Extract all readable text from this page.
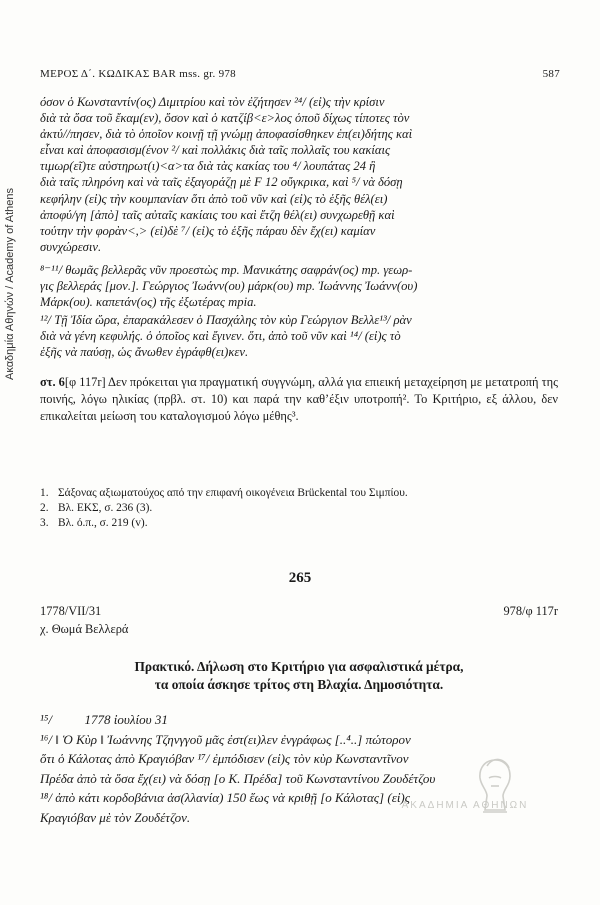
Ακαδημία Αθηνών / Academy of Athens
ΜΕΡΟΣ Δ΄. ΚΩΔΙΚΑΣ BAR mss. gr. 978	587
όσον ὁ Κωνσταντίν(ος) Διμιτρίου καὶ τὸν ἐζήτησεν ²⁴/ (εἰ)ς τὴν κρίσιν
διὰ τὰ ὅσα τοῦ ἔκαμ(εν), ὅσον καὶ ὁ κατζίβ<ε>λος ὁποῦ δίχως τίποτες τὸν
ἀκτύ//πησεν, διὰ τὸ ὁποῖον κοινῇ τῇ γνώμῃ ἀποφασίσθηκεν ἐπ(ει)δήτης καὶ
εἶναι καὶ ἀποφασισμ(ένον ²/ καὶ πολλάκις διὰ ταῖς πολλαῖς του κακίαις
τιμωρ(εῖ)τε αὐστηρωτ(ι)<α>τα διὰ τὰς κακίας του ⁴/ λουπάτας 24 ἢ
διὰ ταῖς πληρόνη καὶ νὰ ταῖς ἐξαγοράζῃ μὲ F 12 οὔγκρικα, καὶ ⁵/ νὰ δόσῃ
κεφήλην (εἰ)ς τὴν κουμπανίαν ὅτι ἀπὸ τοῦ νῦν καὶ (εἰ)ς τὸ ἑξῆς θέλ(ει)
ἀποφύ/γη [ἀπὸ] ταῖς αὐταῖς κακίαις του καὶ ἔτζη θέλ(ει) συνχωρεθῇ καὶ
τούτην τὴν φορὰν<,> (εἰ)δὲ ⁷/ (εἰ)ς τὸ ἑξῆς πάραυ δὲν ἔχ(ει) καμίαν
συνχώρεσιν.
⁸⁻¹¹/ θωμᾶς βελλερᾶς νῦν προεστὼς mp. Μανικάτης σαφράν(ος) mp. γεωρ-
γις βελλεράς [μον.]. Γεώργιος Ἰωάνν(ου) μάρκ(ου) mp. Ἰωάννης Ἰωάνν(ου)
Μάρκ(ου). καπετάν(ος) τῆς ἐξωτέρας mpia.
¹²/ Τῇ Ἰδία ὥρα, ἐπαρακάλεσεν ὁ Πασχάλης τὸν κὺρ Γεώργιον Βελλε¹³/ ρὰν
διὰ νὰ γένη κεφυλής. ὁ ὁποῖος καὶ ἔγινεν. ὅτι, ἀπὸ τοῦ νῦν καὶ ¹⁴/ (εἰ)ς τὸ
ἑξῆς νὰ παύσῃ, ὡς ἄνωθεν ἐγράφθ(ει)κεν.
στ. 6[φ 117r] Δεν πρόκειται για πραγματική συγγνώμη, αλλά για επιεική μεταχείρηση με μετατροπή της ποινής, λόγω ηλικίας (πρβλ. στ. 10) και παρά την καθ’έξιν υποτροπή². Το Κριτήριο, εξ άλλου, δεν επικαλείται μείωση του καταλογισμού λόγω μέθης³.
1. Σάξονας αξιωματούχος από την επιφανή οικογένεια Brückental του Σιμπίου.
2. Βλ. ΕΚΣ, σ. 236 (3).
3. Βλ. ό.π., σ. 219 (v).
265
1778/VII/31	978/φ 117r
χ. Θωμά Βελλερά
Πρακτικό. Δήλωση στο Κριτήριο για ασφαλιστικά μέτρα,
τα οποία άσκησε τρίτος στη Βλαχία. Δημοσιότητα.
¹⁵/          1778 ἰουλίου 31
¹⁶/ ‖ Ὁ Κὺρ ‖ Ἰωάννης Τζηνγγοῦ μᾶς ἐστ(ει)λεν ἐνγράφως [..⁴..] πώτορον
ὅτι ὁ Κάλοτας ἀπὸ Κραγιόβαν ¹⁷/ ἐμπόδισεν (εἰ)ς τὸν κὺρ Κωνσταντῖνον
Πρέδα ἀπὸ τὰ ὅσα ἔχ(ει) νὰ δόσῃ [ο Κ. Πρέδα] τοῦ Κωνσταντίνου Ζουδέτζου
¹⁸/ ἀπὸ κάτι κορδοβάνια ἀσ(λλανία) 150 ἕως νὰ κριθῇ [ο Κάλοτας] (εἰ)ς
Κραγιόβαν μὲ τὸν Ζουδέτζον.
ΑΚΑΔΗΜΙΑ ΑΘΗΝΩΝ
